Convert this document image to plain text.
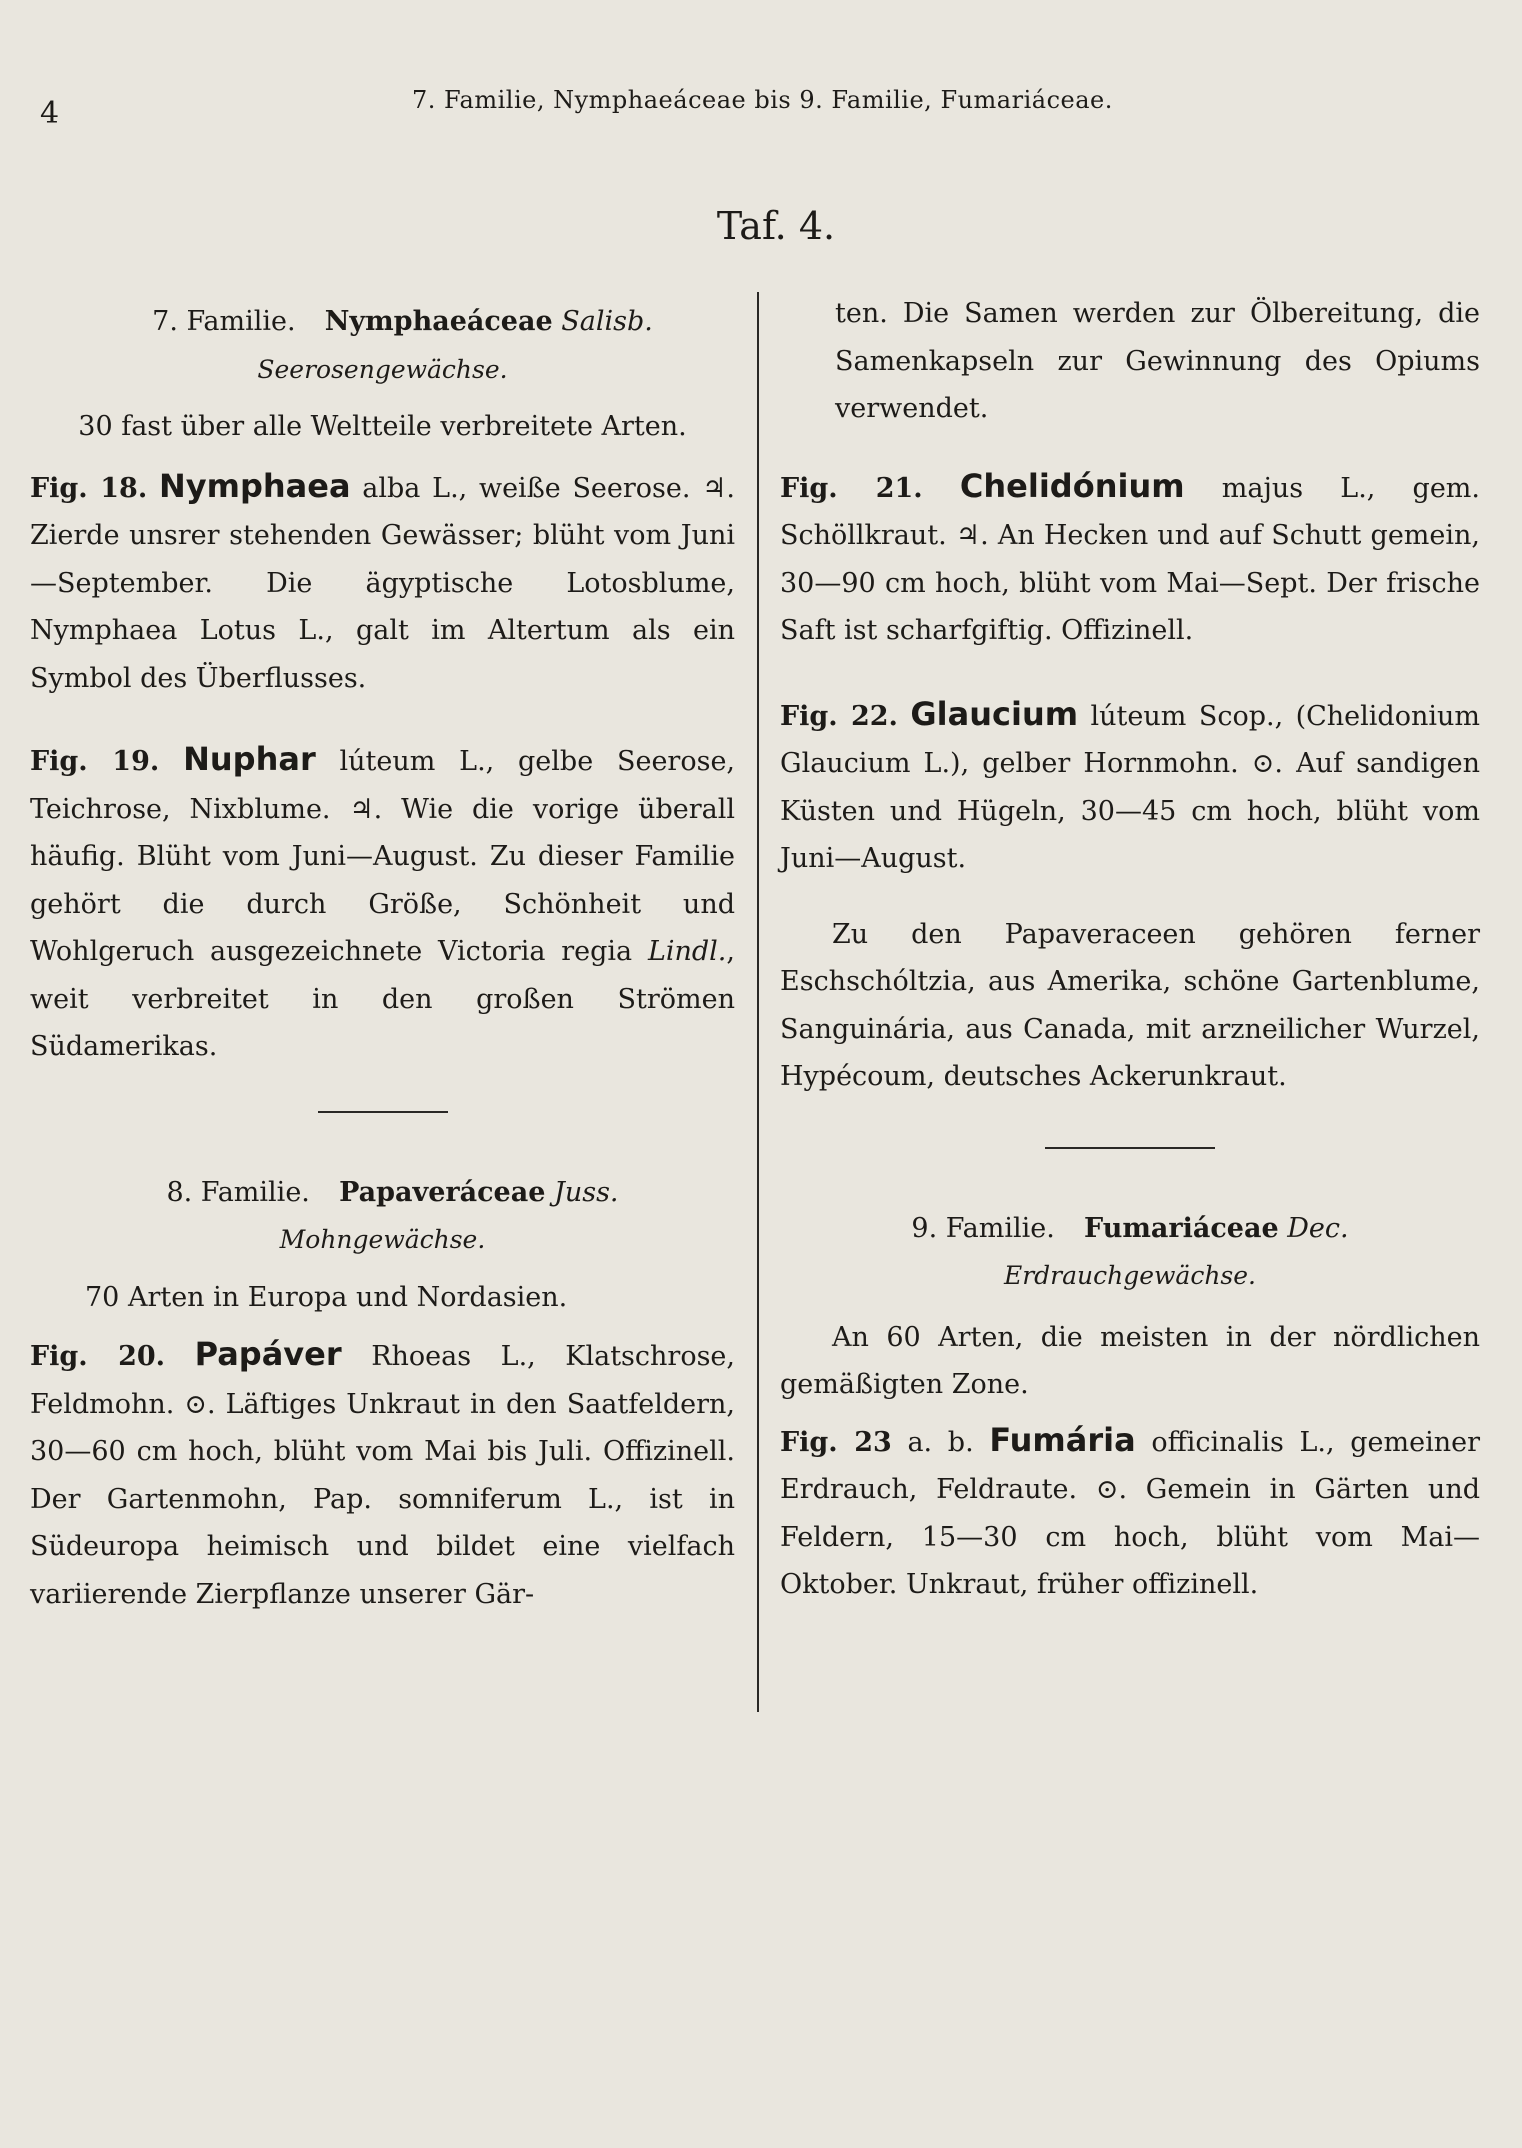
4	7. Familie, Nymphaeáceae bis 9. Familie, Fumariáceae.
Taf. 4.
7. Familie. Nymphaeáceae Salisb.
Seerosengewächse.
30 fast über alle Weltteile verbreitete Arten.

Fig. 18. Nymphaea alba L., weiße Seerose. ♃. Zierde unsrer stehenden Gewässer; blüht vom Juni—September. Die ägyptische Lotosblume, Nymphaea Lotus L., galt im Altertum als ein Symbol des Überflusses.

Fig. 19. Nuphar lúteum L., gelbe Seerose, Teichrose, Nixblume. ♃. Wie die vorige überall häufig. Blüht vom Juni—August. Zu dieser Familie gehört die durch Größe, Schönheit und Wohlgeruch ausgezeichnete Victoria regia Lindl., weit verbreitet in den großen Strömen Südamerikas.

8. Familie. Papaveráceae Juss.
Mohngewächse.
70 Arten in Europa und Nordasien.

Fig. 20. Papáver Rhoeas L., Klatschrose, Feldmohn. ⊙. Läftiges Unkraut in den Saatfeldern, 30—60 cm hoch, blüht vom Mai bis Juli. Offizinell. Der Gartenmohn, Pap. somniferum L., ist in Südeuropa heimisch und bildet eine vielfach variierende Zierpflanze unserer Gär-

ten. Die Samen werden zur Ölbereitung, die Samenkapseln zur Gewinnung des Opiums verwendet.

Fig. 21. Chelidónium majus L., gem. Schöllkraut. ♃. An Hecken und auf Schutt gemein, 30—90 cm hoch, blüht vom Mai—Sept. Der frische Saft ist scharfgiftig. Offizinell.

Fig. 22. Glaucium lúteum Scop., (Chelidonium Glaucium L.), gelber Hornmohn. ⊙. Auf sandigen Küsten und Hügeln, 30—45 cm hoch, blüht vom Juni—August.

Zu den Papaveraceen gehören ferner Eschschóltzia, aus Amerika, schöne Gartenblume, Sanguinária, aus Canada, mit arzneilicher Wurzel, Hypécoum, deutsches Ackerunkraut.

9. Familie. Fumariáceae Dec.
Erdrauchgewächse.

An 60 Arten, die meisten in der nördlichen gemäßigten Zone.

Fig. 23 a. b. Fumária officinalis L., gemeiner Erdrauch, Feldraute. ⊙. Gemein in Gärten und Feldern, 15—30 cm hoch, blüht vom Mai—Oktober. Unkraut, früher offizinell.
